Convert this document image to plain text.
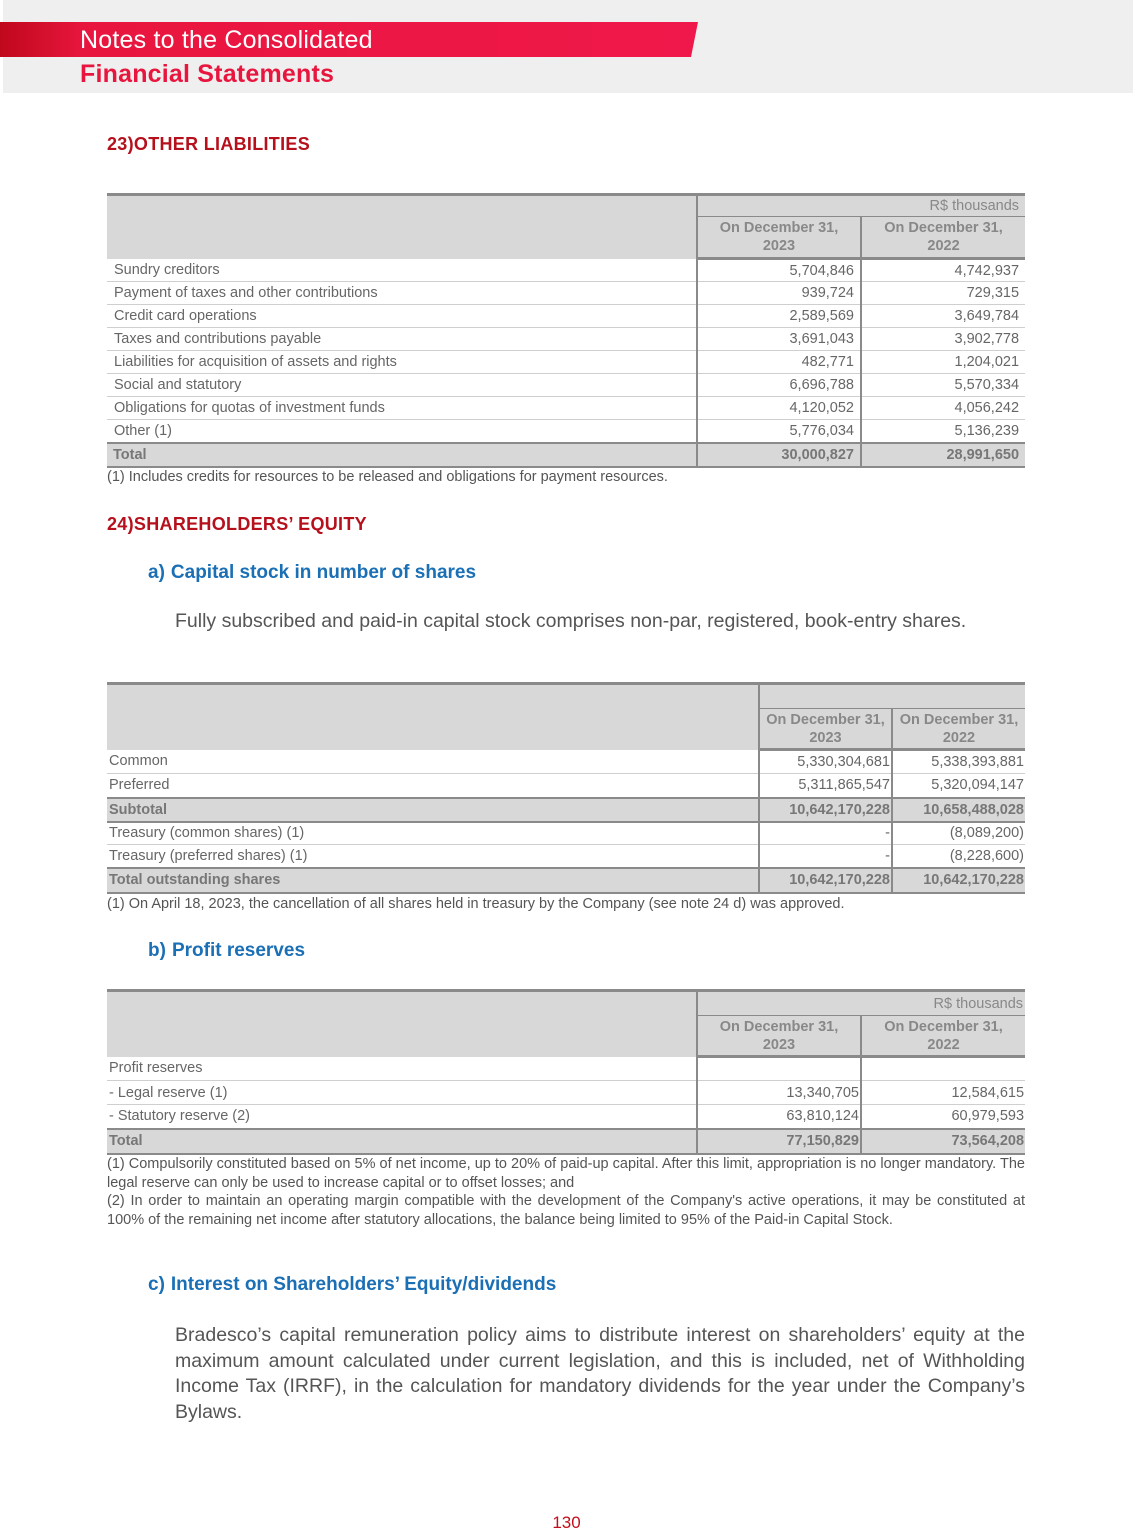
Notes to the Consolidated
Financial Statements
23)OTHER LIABILITIES
	R$ thousands	
	On December 31, 2023	On December 31, 2022
Sundry creditors	5,704,846	4,742,937
Payment of taxes and other contributions	939,724	729,315
Credit card operations	2,589,569	3,649,784
Taxes and contributions payable	3,691,043	3,902,778
Liabilities for acquisition of assets and rights	482,771	1,204,021
Social and statutory	6,696,788	5,570,334
Obligations for quotas of investment funds	4,120,052	4,056,242
Other (1)	5,776,034	5,136,239
Total	30,000,827	28,991,650
(1) Includes credits for resources to be released and obligations for payment resources.
24)SHAREHOLDERS’ EQUITY
a) Capital stock in number of shares
Fully subscribed and paid-in capital stock comprises non-par, registered, book-entry shares.

	On December 31, 2023	On December 31, 2022
Common	5,330,304,681	5,338,393,881
Preferred	5,311,865,547	5,320,094,147
Subtotal	10,642,170,228	10,658,488,028
Treasury (common shares) (1)	-	(8,089,200)
Treasury (preferred shares) (1)	-	(8,228,600)
Total outstanding shares	10,642,170,228	10,642,170,228
(1) On April 18, 2023, the cancellation of all shares held in treasury by the Company (see note 24 d) was approved.
b) Profit reserves
	R$ thousands	
	On December 31, 2023	On December 31, 2022
Profit reserves		
- Legal reserve (1)	13,340,705	12,584,615
- Statutory reserve (2)	63,810,124	60,979,593
Total	77,150,829	73,564,208
(1) Compulsorily constituted based on 5% of net income, up to 20% of paid-up capital. After this limit, appropriation is no longer mandatory. The legal reserve can only be used to increase capital or to offset losses; and
(2) In order to maintain an operating margin compatible with the development of the Company's active operations, it may be constituted at 100% of the remaining net income after statutory allocations, the balance being limited to 95% of the Paid-in Capital Stock.
c) Interest on Shareholders’ Equity/dividends
Bradesco’s capital remuneration policy aims to distribute interest on shareholders’ equity at the maximum amount calculated under current legislation, and this is included, net of Withholding Income Tax (IRRF), in the calculation for mandatory dividends for the year under the Company’s Bylaws.
130
